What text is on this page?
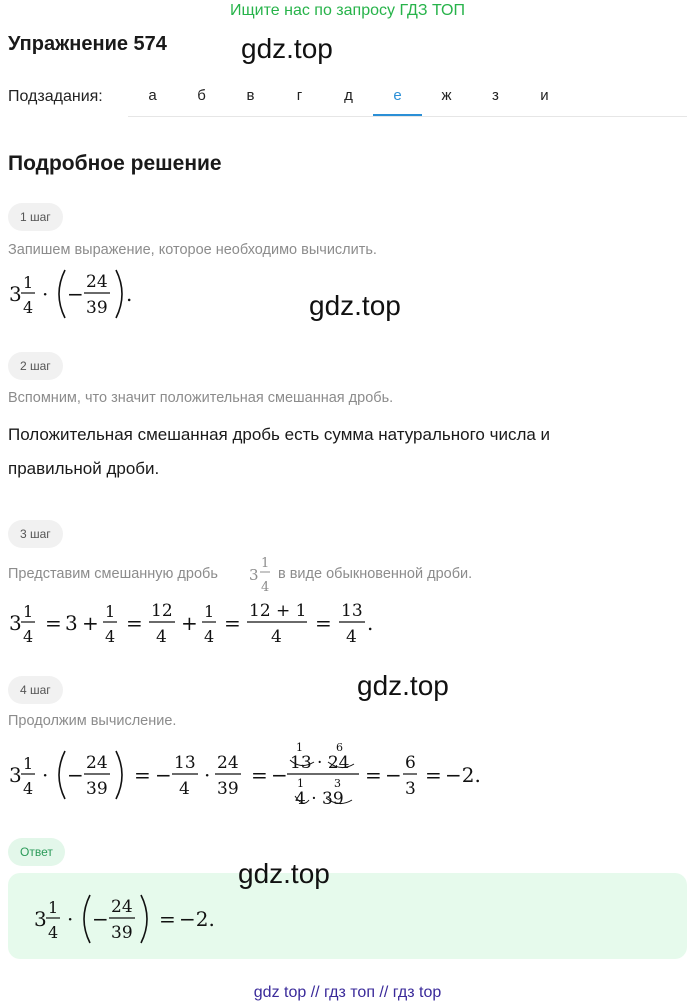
Ищите нас по запросу ГДЗ ТОП
Упражнение 574	gdz.top
Подзадания:	а	б	в	г	д	е	ж	з	и
Подробное решение
1 шаг
Запишем выражение, которое необходимо вычислить.
3 1
4
· − 24
39
.	gdz.top
2 шаг
Вспомним, что значит положительная смешанная дробь.
Положительная смешанная дробь есть сумма натурального числа и
правильной дроби.
3 шаг
Представим смешанную дробь 3
1
4
в виде обыкновенной дроби.
3 1
4
= 3 + 1
4
= 12
4
+ 1
4
= 12 + 1
4
= 13
4
.
gdz.top
4 шаг
Продолжим вычисление.
3 1
4
· − 24
39
= − 13
4
· 24
39
= −
1	6
13 · 24
1	3
4 · 39
= − 6
3
= −2.
Ответ
3 1
4
· − 24
39
= −2.
gdz.top
gdz top // гдз топ // гдз top
